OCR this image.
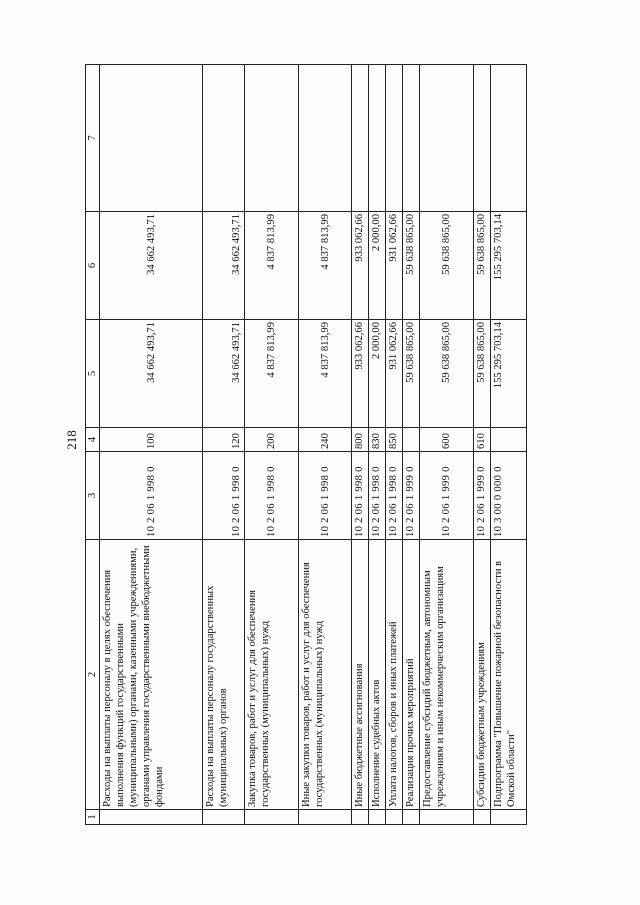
218
1	2	3	4	5	6	7
	Расходы на выплаты персоналу в целях обеспечения выполнения функций государственными (муниципальными) органами, казенными учреждениями, органами управления государственными внебюджетными фондами	10 2 06 1 998 0	100	34 662 493,71	34 662 493,71	
	Расходы на выплаты персоналу государственных (муниципальных) органов	10 2 06 1 998 0	120	34 662 493,71	34 662 493,71	
	Закупка товаров, работ и услуг для обеспечения государственных (муниципальных) нужд	10 2 06 1 998 0	200	4 837 813,99	4 837 813,99	
	Иные закупки товаров, работ и услуг для обеспечения государственных (муниципальных) нужд	10 2 06 1 998 0	240	4 837 813,99	4 837 813,99	
	Иные бюджетные ассигнования	10 2 06 1 998 0	800	933 062,66	933 062,66	
	Исполнение судебных актов	10 2 06 1 998 0	830	2 000,00	2 000,00	
	Уплата налогов, сборов и иных платежей	10 2 06 1 998 0	850	931 062,66	931 062,66	
	Реализация прочих мероприятий	10 2 06 1 999 0		59 638 865,00	59 638 865,00	
	Предоставление субсидий бюджетным, автономным учреждениям и иным некоммерческим организациям	10 2 06 1 999 0	600	59 638 865,00	59 638 865,00	
	Субсидии бюджетным учреждениям	10 2 06 1 999 0	610	59 638 865,00	59 638 865,00	
	Подпрограмма "Повышение пожарной безопасности в Омской области"	10 3 00 0 000 0		155 295 703,14	155 295 703,14	
